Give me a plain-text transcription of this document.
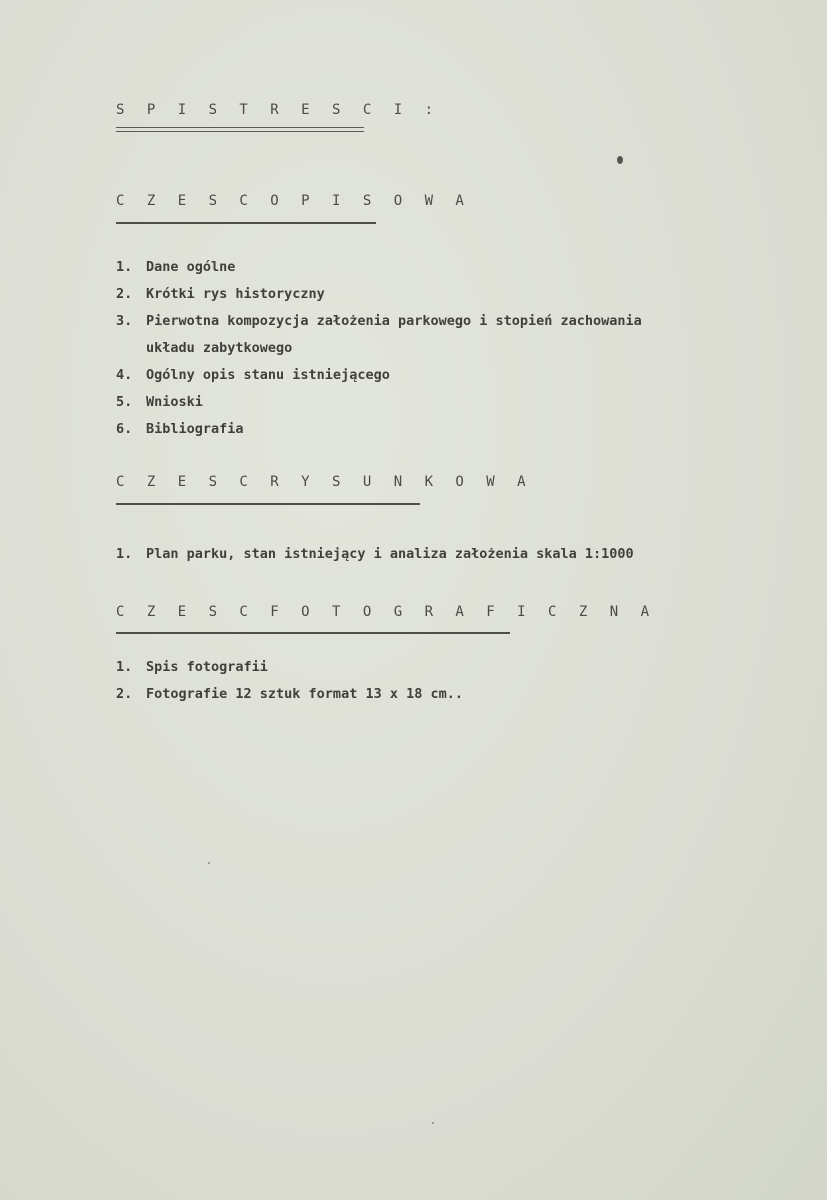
S P I S T R E S C I :
C Z E S C O P I S O W A
1. Dane ogólne
2. Krótki rys historyczny
3. Pierwotna kompozycja założenia parkowego i stopień zachowania
układu zabytkowego
4. Ogólny opis stanu istniejącego
5. Wnioski
6. Bibliografia
C Z E S C R Y S U N K O W A
1. Plan parku, stan istniejący i analiza założenia skala 1:1000
C Z E S C F O T O G R A F I C Z N A
1. Spis fotografii
2. Fotografie 12 sztuk format 13 x 18 cm..
